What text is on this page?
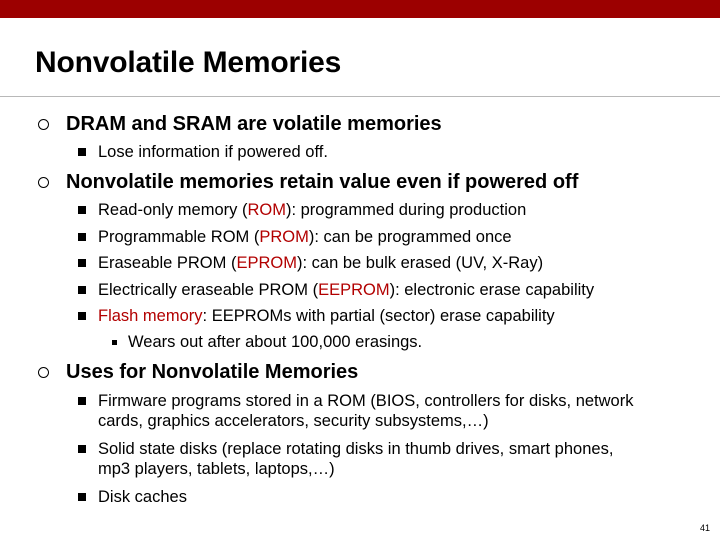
Nonvolatile Memories
DRAM and SRAM are volatile memories
Lose information if powered off.
Nonvolatile memories retain value even if powered off
Read-only memory (ROM): programmed during production
Programmable ROM (PROM): can be programmed once
Eraseable PROM (EPROM): can be bulk erased (UV, X-Ray)
Electrically eraseable PROM (EEPROM): electronic erase capability
Flash memory: EEPROMs with partial (sector) erase capability
Wears out after about 100,000 erasings.
Uses for Nonvolatile Memories
Firmware programs stored in a ROM (BIOS, controllers for disks, network cards, graphics accelerators, security subsystems,…)
Solid state disks (replace rotating disks in thumb drives, smart phones, mp3 players, tablets, laptops,…)
Disk caches
41
